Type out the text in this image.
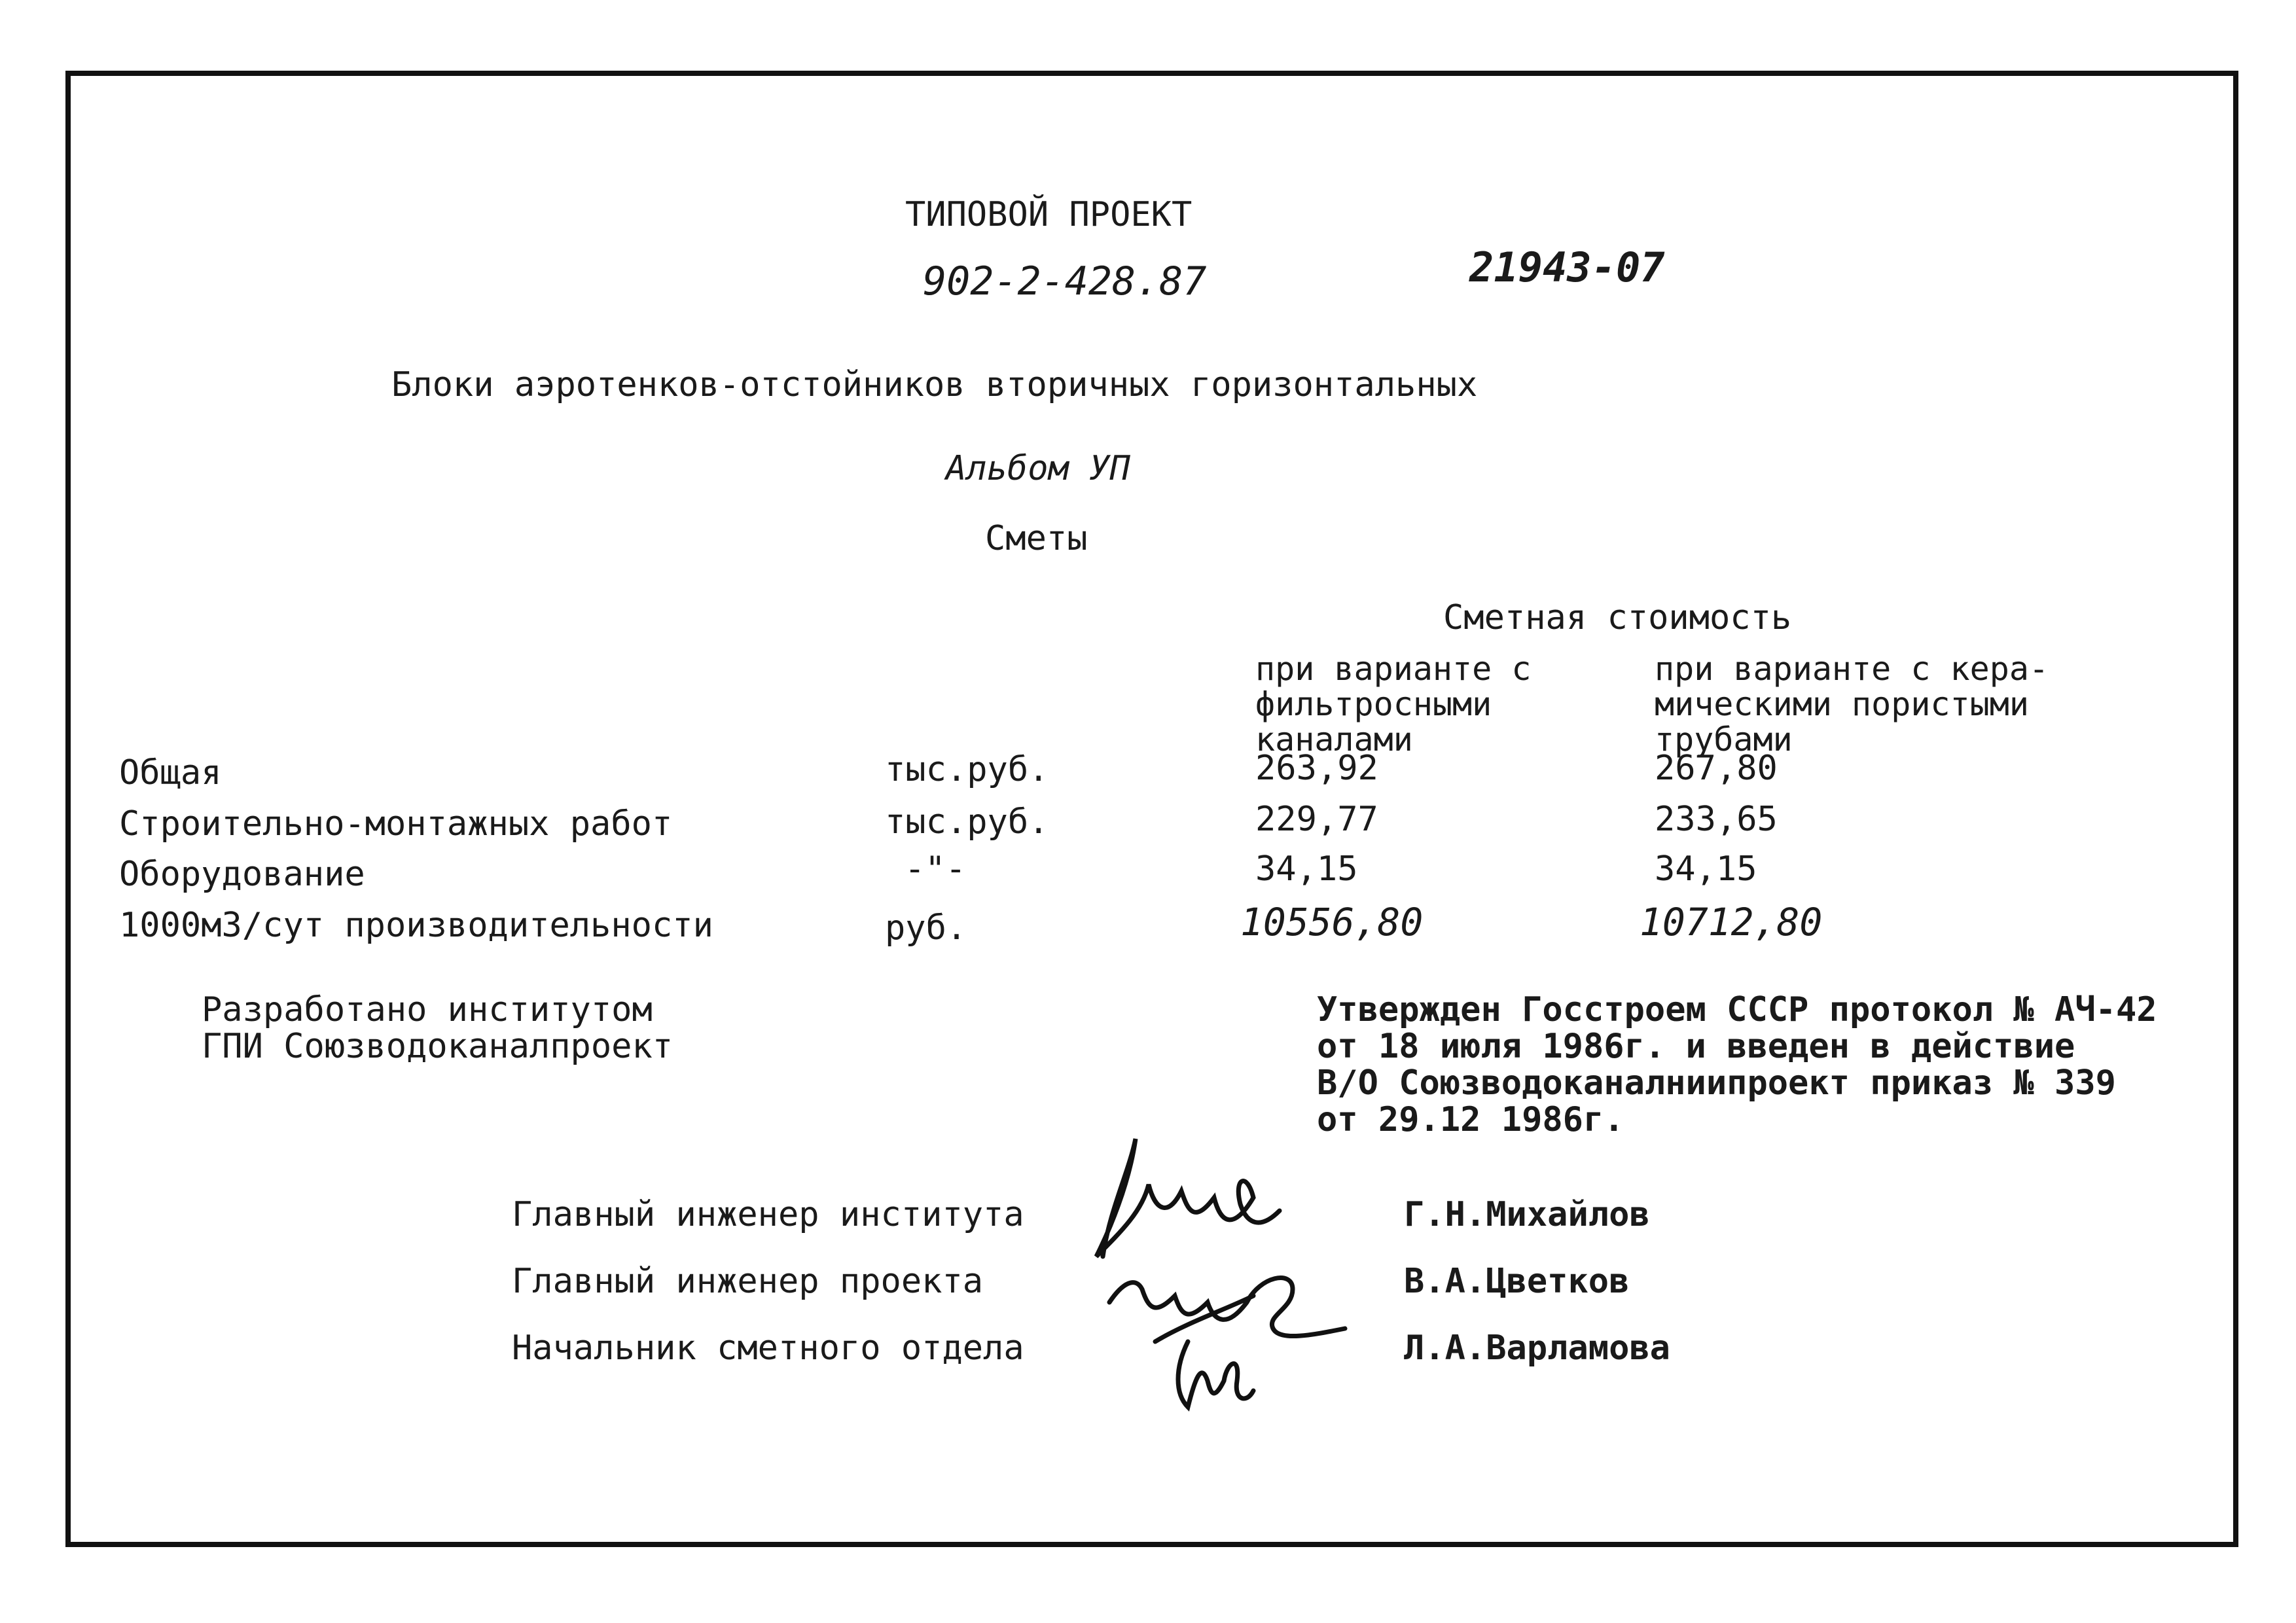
ТИПОВОЙ ПРОЕКТ
902-2-428.87	21943-07
Блоки аэротенков-отстойников вторичных горизонтальных
Альбом УП
Сметы
Сметная стоимость
при варианте с
фильтросными
каналами
при варианте с кера-
мическими пористыми
трубами
Общая	тыс.руб.	263,92	267,80
Строительно-монтажных работ	тыс.руб.	229,77	233,65
Оборудование	-"-	34,15	34,15
1000м3/сут производительности	руб.	10556,80	10712,80
Разработано институтом
ГПИ Союзводоканалпроект
Утвержден Госстроем СССР протокол № АЧ-42
от 18 июля 1986г. и введен в действие
В/О Союзводоканалниипроект приказ № 339
от 29.12 1986г.
Главный инженер института	Г.Н.Михайлов
Главный инженер проекта	В.А.Цветков
Начальник сметного отдела	Л.А.Варламова
